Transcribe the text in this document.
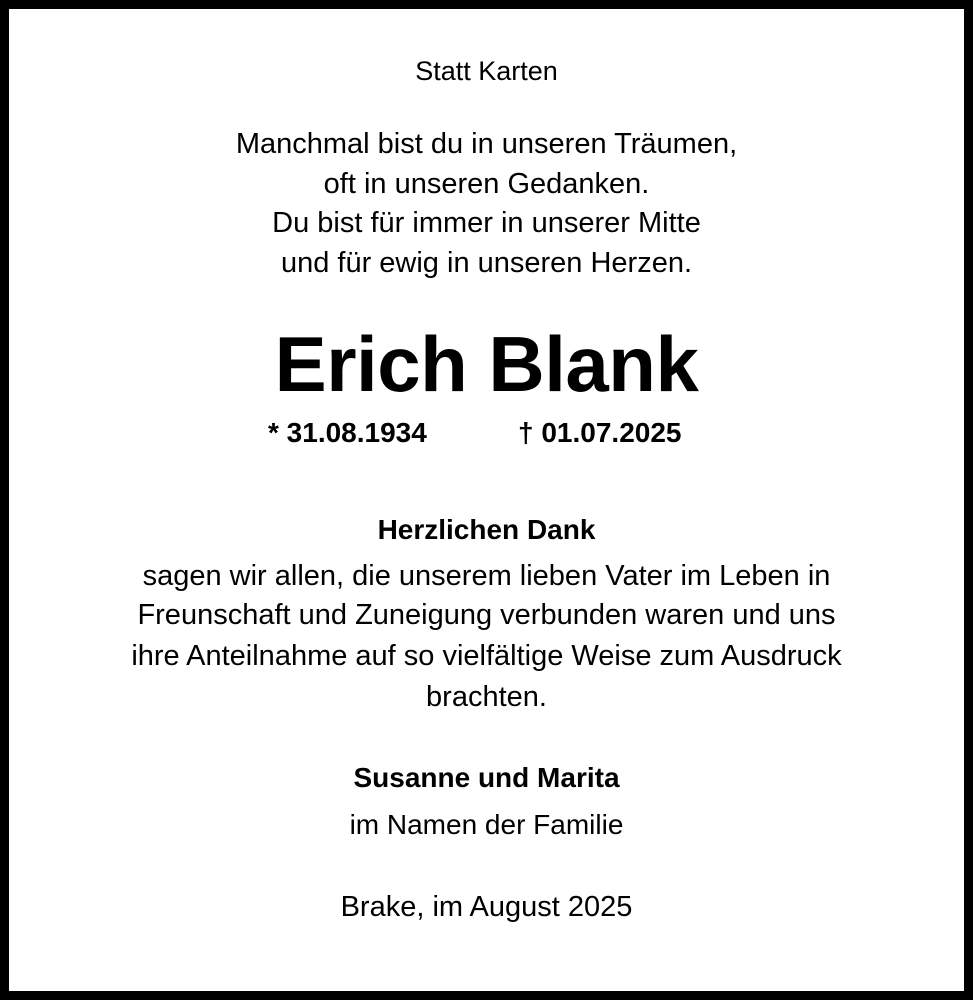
Statt Karten
Manchmal bist du in unseren Träumen,
oft in unseren Gedanken.
Du bist für immer in unserer Mitte
und für ewig in unseren Herzen.
Erich Blank
* 31.08.1934	† 01.07.2025
Herzlichen Dank
sagen wir allen, die unserem lieben Vater im Leben in
Freunschaft und Zuneigung verbunden waren und uns
ihre Anteilnahme auf so vielfältige Weise zum Ausdruck
brachten.
Susanne und Marita
im Namen der Familie
Brake, im August 2025
